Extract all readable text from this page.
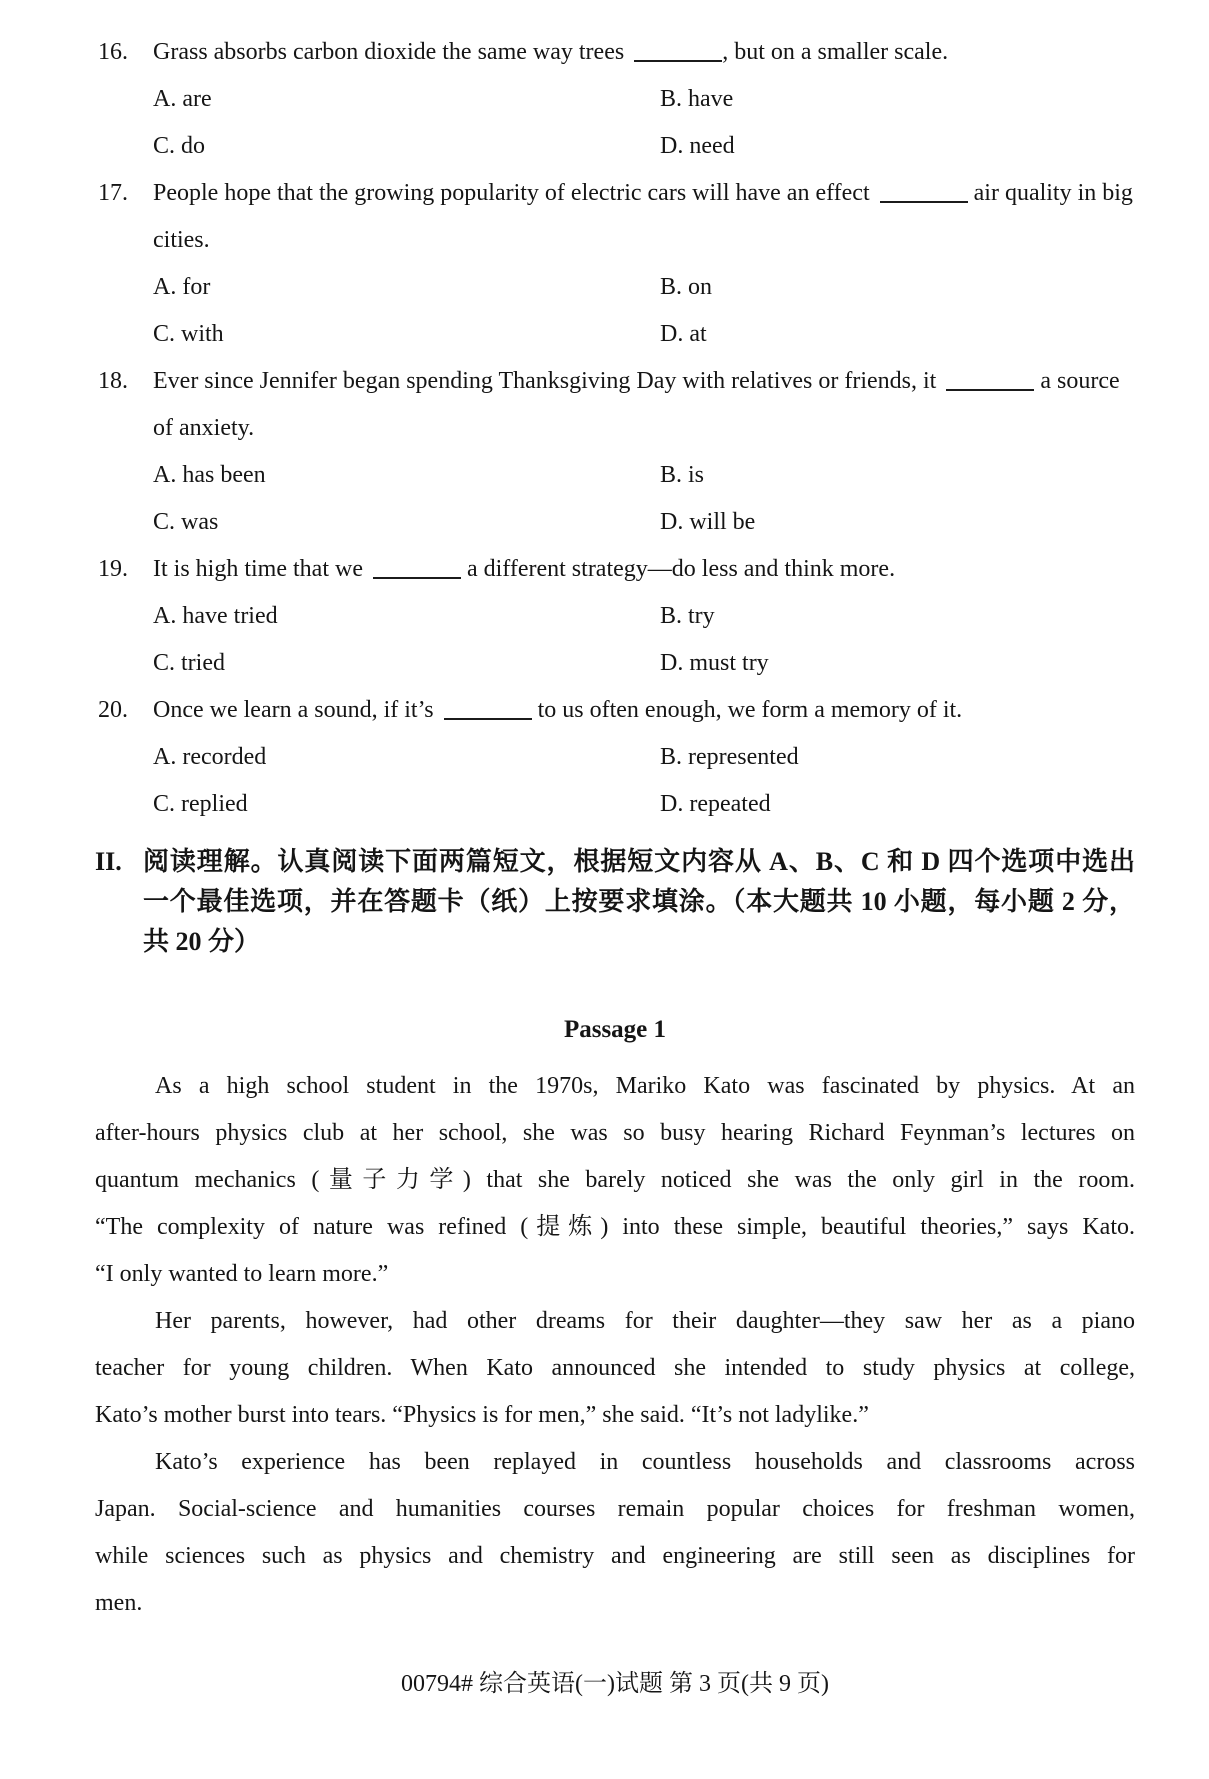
16. Grass absorbs carbon dioxide the same way trees	, but on a smaller scale.
A. are	B. have
C. do	D. need
17. People hope that the growing popularity of electric cars will have an effect	air quality in big cities.
A. for	B. on
C. with	D. at
18. Ever since Jennifer began spending Thanksgiving Day with relatives or friends, it	a source of anxiety.
A. has been	B. is
C. was	D. will be
19. It is high time that we	a different strategy—do less and think more.
A. have tried	B. try
C. tried	D. must try
20. Once we learn a sound, if it’s	to us often enough, we form a memory of it.
A. recorded	B. represented
C. replied	D. repeated
II. 阅读理解。认真阅读下面两篇短文，根据短文内容从 A、B、C 和 D 四个选项中选出
一个最佳选项，并在答题卡（纸）上按要求填涂。（本大题共 10 小题，每小题 2 分，
共 20 分）
Passage 1
As a high school student in the 1970s, Mariko Kato was fascinated by physics. At an
after-hours physics club at her school, she was so busy hearing Richard Feynman’s lectures on
quantum mechanics (量子力学) that she barely noticed she was the only girl in the room.
“The complexity of nature was refined (提炼) into these simple, beautiful theories,” says Kato.
“I only wanted to learn more.”
Her parents, however, had other dreams for their daughter—they saw her as a piano
teacher for young children. When Kato announced she intended to study physics at college,
Kato’s mother burst into tears. “Physics is for men,” she said. “It’s not ladylike.”
Kato’s experience has been replayed in countless households and classrooms across
Japan. Social-science and humanities courses remain popular choices for freshman women,
while sciences such as physics and chemistry and engineering are still seen as disciplines for
men.
00794# 综合英语(一)试题 第 3 页(共 9 页)
